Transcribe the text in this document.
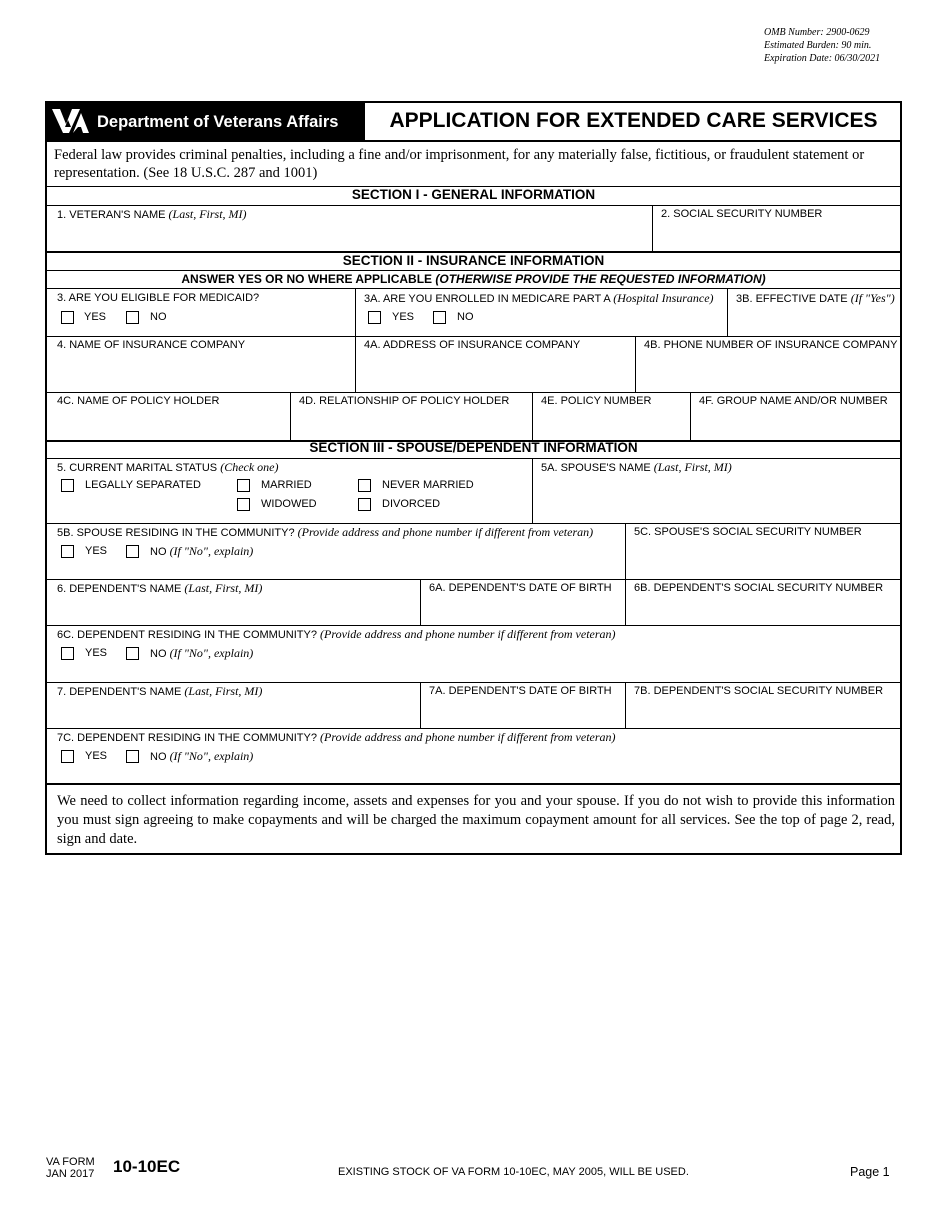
OMB Number: 2900-0629
Estimated Burden: 90 min.
Expiration Date: 06/30/2021
Department of Veterans Affairs	APPLICATION FOR EXTENDED CARE SERVICES
Federal law provides criminal penalties, including a fine and/or imprisonment, for any materially false, fictitious, or fraudulent statement or representation. (See 18 U.S.C. 287 and 1001)
SECTION I - GENERAL INFORMATION
1. VETERAN'S NAME (Last, First, MI)	2. SOCIAL SECURITY NUMBER
SECTION II - INSURANCE INFORMATION
ANSWER YES OR NO WHERE APPLICABLE (OTHERWISE PROVIDE THE REQUESTED INFORMATION)
3. ARE YOU ELIGIBLE FOR MEDICAID?
YES	NO
3A. ARE YOU ENROLLED IN MEDICARE PART A (Hospital Insurance)
YES	NO
3B. EFFECTIVE DATE (If "Yes")
4. NAME OF INSURANCE COMPANY	4A. ADDRESS OF INSURANCE COMPANY	4B. PHONE NUMBER OF INSURANCE COMPANY
4C. NAME OF POLICY HOLDER	4D. RELATIONSHIP OF POLICY HOLDER	4E. POLICY NUMBER	4F. GROUP NAME AND/OR NUMBER
SECTION III - SPOUSE/DEPENDENT INFORMATION
5. CURRENT MARITAL STATUS (Check one)
LEGALLY SEPARATED	MARRIED	NEVER MARRIED
WIDOWED	DIVORCED
5A. SPOUSE'S NAME (Last, First, MI)
5B. SPOUSE RESIDING IN THE COMMUNITY? (Provide address and phone number if different from veteran)
YES	NO (If "No", explain)
5C. SPOUSE'S SOCIAL SECURITY NUMBER
6. DEPENDENT'S NAME (Last, First, MI)	6A. DEPENDENT'S DATE OF BIRTH 6B. DEPENDENT'S SOCIAL SECURITY NUMBER
6C. DEPENDENT RESIDING IN THE COMMUNITY? (Provide address and phone number if different from veteran)
YES	NO (If "No", explain)
7. DEPENDENT'S NAME (Last, First, MI)	7A. DEPENDENT'S DATE OF BIRTH 7B. DEPENDENT'S SOCIAL SECURITY NUMBER
7C. DEPENDENT RESIDING IN THE COMMUNITY? (Provide address and phone number if different from veteran)
YES	NO (If "No", explain)
We need to collect information regarding income, assets and expenses for you and your spouse. If you do not wish to provide this information you must sign agreeing to make copayments and will be charged the maximum copayment amount for all services. See the top of page 2, read, sign and date.
VA FORM
JAN 2017 10-10EC	EXISTING STOCK OF VA FORM 10-10EC, MAY 2005, WILL BE USED.	Page 1
